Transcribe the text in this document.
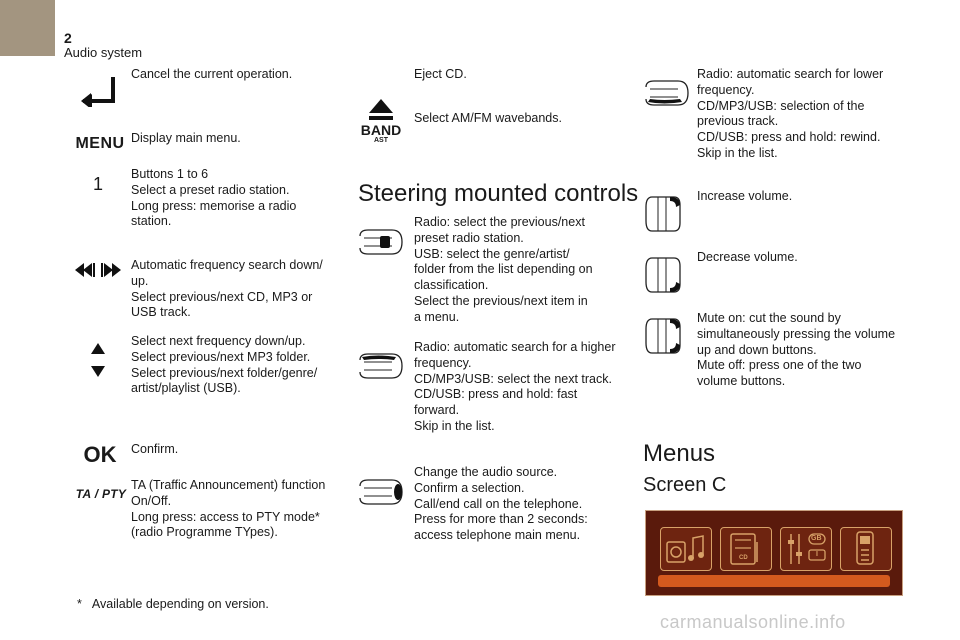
2
Audio system
Cancel the current operation.
MENU Display main menu.
1	Buttons 1 to 6
Select a preset radio station.
Long press: memorise a radio
station.
Automatic frequency search down/
up.
Select previous/next CD, MP3 or
USB track.
Select next frequency down/up.
Select previous/next MP3 folder.
Select previous/next folder/genre/
artist/playlist (USB).
OK Confirm.
TA / PTY
TA (Traffic Announcement) function
On/Off.
Long press: access to PTY mode*
(radio Programme TYpes).
Eject CD.
BAND
AST
Select AM/FM wavebands.
Steering mounted controls
Radio: select the previous/next
preset radio station.
USB: select the genre/artist/
folder from the list depending on
classification.
Select the previous/next item in
a menu.
Radio: automatic search for a higher
frequency.
CD/MP3/USB: select the next track.
CD/USB: press and hold: fast
forward.
Skip in the list.
Change the audio source.
Confirm a selection.
Call/end call on the telephone.
Press for more than 2 seconds:
access telephone main menu.
Radio: automatic search for lower
frequency.
CD/MP3/USB: selection of the
previous track.
CD/USB: press and hold: rewind.
Skip in the list.
Increase volume.
Decrease volume.
Mute on: cut the sound by
simultaneously pressing the volume
up and down buttons.
Mute off: press one of the two
volume buttons.
Menus
Screen C
CD
GB
I
* Available depending on version.
carmanualsonline.info
